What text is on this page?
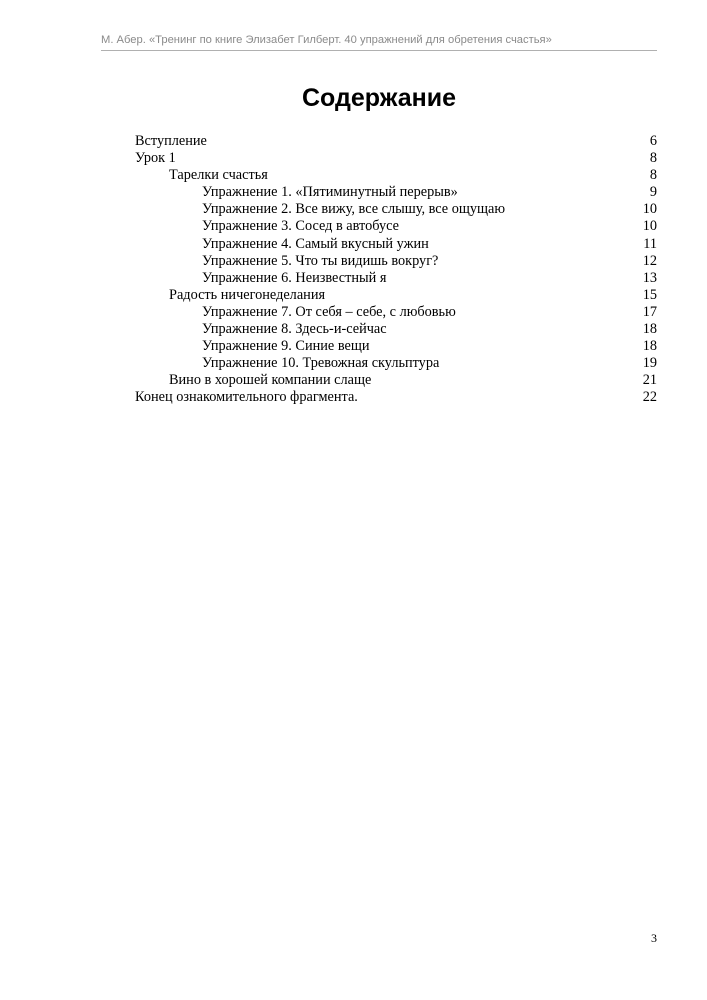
М. Абер. «Тренинг по книге Элизабет Гилберт. 40 упражнений для обретения счастья»
Содержание
Вступление	6
Урок 1	8
Тарелки счастья	8
Упражнение 1. «Пятиминутный перерыв»	9
Упражнение 2. Все вижу, все слышу, все ощущаю	10
Упражнение 3. Сосед в автобусе	10
Упражнение 4. Самый вкусный ужин	11
Упражнение 5. Что ты видишь вокруг?	12
Упражнение 6. Неизвестный я	13
Радость ничегонеделания	15
Упражнение 7. От себя – себе, с любовью	17
Упражнение 8. Здесь-и-сейчас	18
Упражнение 9. Синие вещи	18
Упражнение 10. Тревожная скульптура	19
Вино в хорошей компании слаще	21
Конец ознакомительного фрагмента.	22
3
